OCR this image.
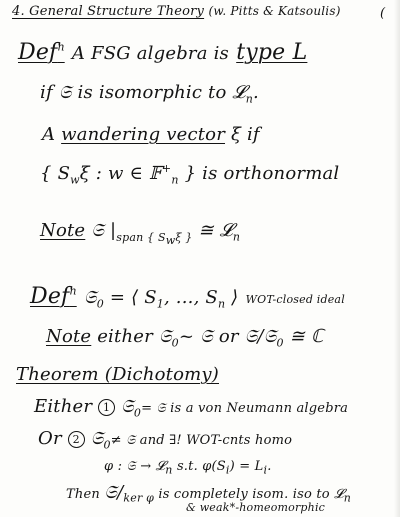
4. General Structure Theory (w. Pitts & Katsoulis)	(
Def$^n$ A FSG algebra is type L
if 𝔖 is isomorphic to 𝓛$_n$.
A wandering vector ξ if
{ $S_w\xi$ : w ∈ 𝔽+$_n$ } is orthonormal
Note 𝔖 $|_{span \{ S_w\xi \}}$ ≅ 𝓛$_n$
Def$^n$ 𝔖$_0$ = ⟨ $S_1$, ..., $S_n$ ⟩ WOT-closed ideal
Note either 𝔖$_0$~ 𝔖 or 𝔖/𝔖$_0$ ≅ ℂ
Theorem (Dichotomy)
Either 1 𝔖$_0$= 𝔖 is a von Neumann algebra
Or 2 𝔖$_0$≠ 𝔖 and ∃! WOT-cnts homo
φ : 𝔖 → 𝓛$_n$ s.t. $\varphi(S_i) = L_i$.
Then $𝔖/_{ker \varphi}$ is completely isom. iso to 𝓛$_n$
& weak*-homeomorphic
